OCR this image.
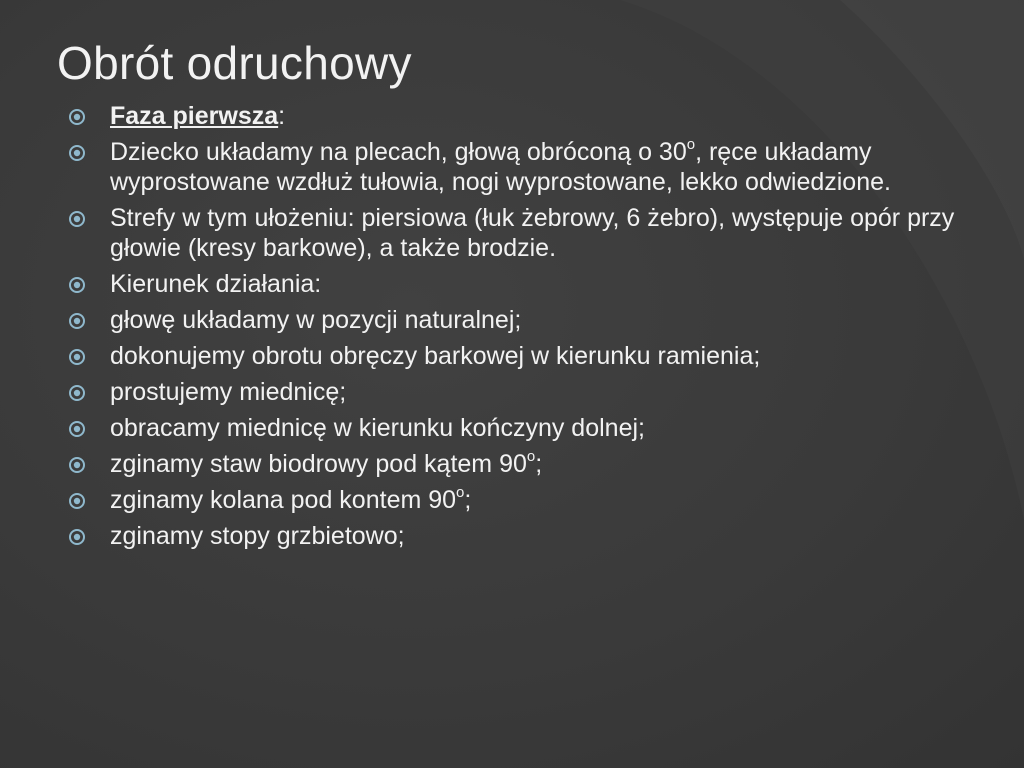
Obrót odruchowy
Faza pierwsza:
Dziecko układamy na plecach, głową obróconą o 30$^o$, ręce układamy wyprostowane wzdłuż tułowia, nogi wyprostowane, lekko odwiedzione.
Strefy w tym ułożeniu: piersiowa (łuk żebrowy, 6 żebro), występuje opór przy głowie (kresy barkowe), a także brodzie.
Kierunek działania:
głowę układamy w pozycji naturalnej;
dokonujemy obrotu obręczy barkowej w kierunku ramienia;
prostujemy miednicę;
obracamy miednicę w kierunku kończyny dolnej;
zginamy staw biodrowy pod kątem 90$^o$;
zginamy kolana pod kontem 90$^o$;
zginamy stopy grzbietowo;
